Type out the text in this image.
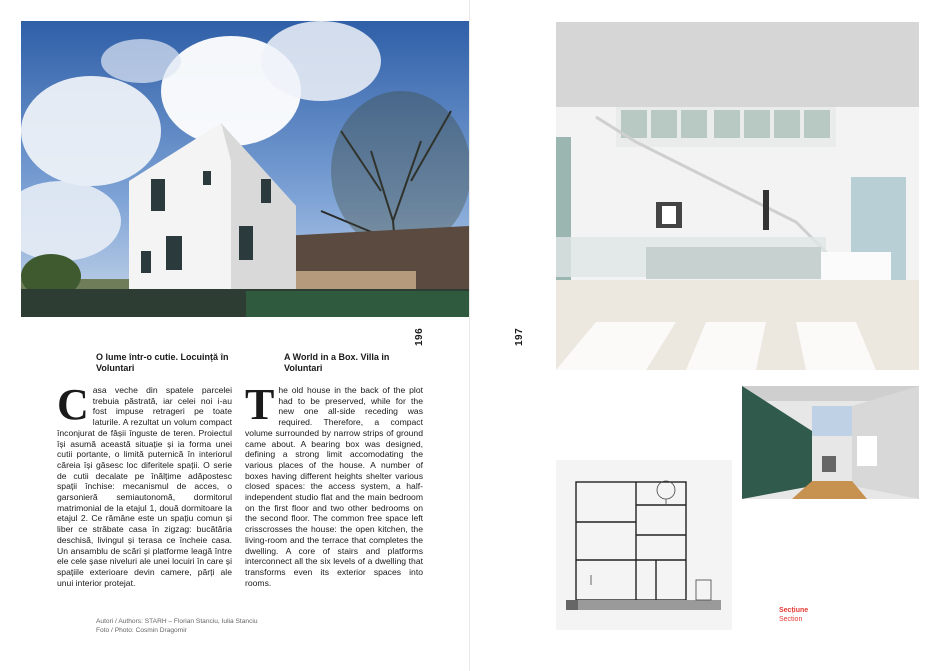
196
O lume într-o cutie. Locuință în Voluntari
A World in a Box. Villa in Voluntari
Casa veche din spatele parcelei trebuia păstrată, iar celei noi i-au fost impuse retrageri pe toate laturile. A rezultat un volum compact înconjurat de fâșii înguste de teren. Proiectul își asumă această situație și ia forma unei cutii portante, o limită puternică în interiorul căreia își găsesc loc diferitele spații. O serie de cutii decalate pe înălțime adăpostesc spații închise: mecanismul de acces, o garsonieră semiautonomă, dormitorul matrimonial de la etajul 1, două dormitoare la etajul 2. Ce rămâne este un spațiu comun și liber ce străbate casa în zigzag: bucătăria deschisă, livingul și terasa ce încheie casa. Un ansamblu de scări și platforme leagă între ele cele șase niveluri ale unei locuiri în care și spațiile exterioare devin camere, părți ale unui interior protejat.
The old house in the back of the plot had to be preserved, while for the new one all-side receding was required. Therefore, a compact volume surrounded by narrow strips of ground came about. A bearing box was designed, defining a strong limit accomodating the various places of the house. A number of boxes having different heights shelter various closed spaces: the access system, a half-independent studio flat and the main bedroom on the first floor and two other bedrooms on the second floor. The common free space left crisscrosses the house: the open kitchen, the living-room and the terrace that completes the dwelling. A core of stairs and platforms interconnect all the six levels of a dwelling that transforms even its exterior spaces into rooms.
Autori / Authors: STARH – Florian Stanciu, Iulia Stanciu
Foto / Photo: Cosmin Dragomir
197
Secțiune
Section
